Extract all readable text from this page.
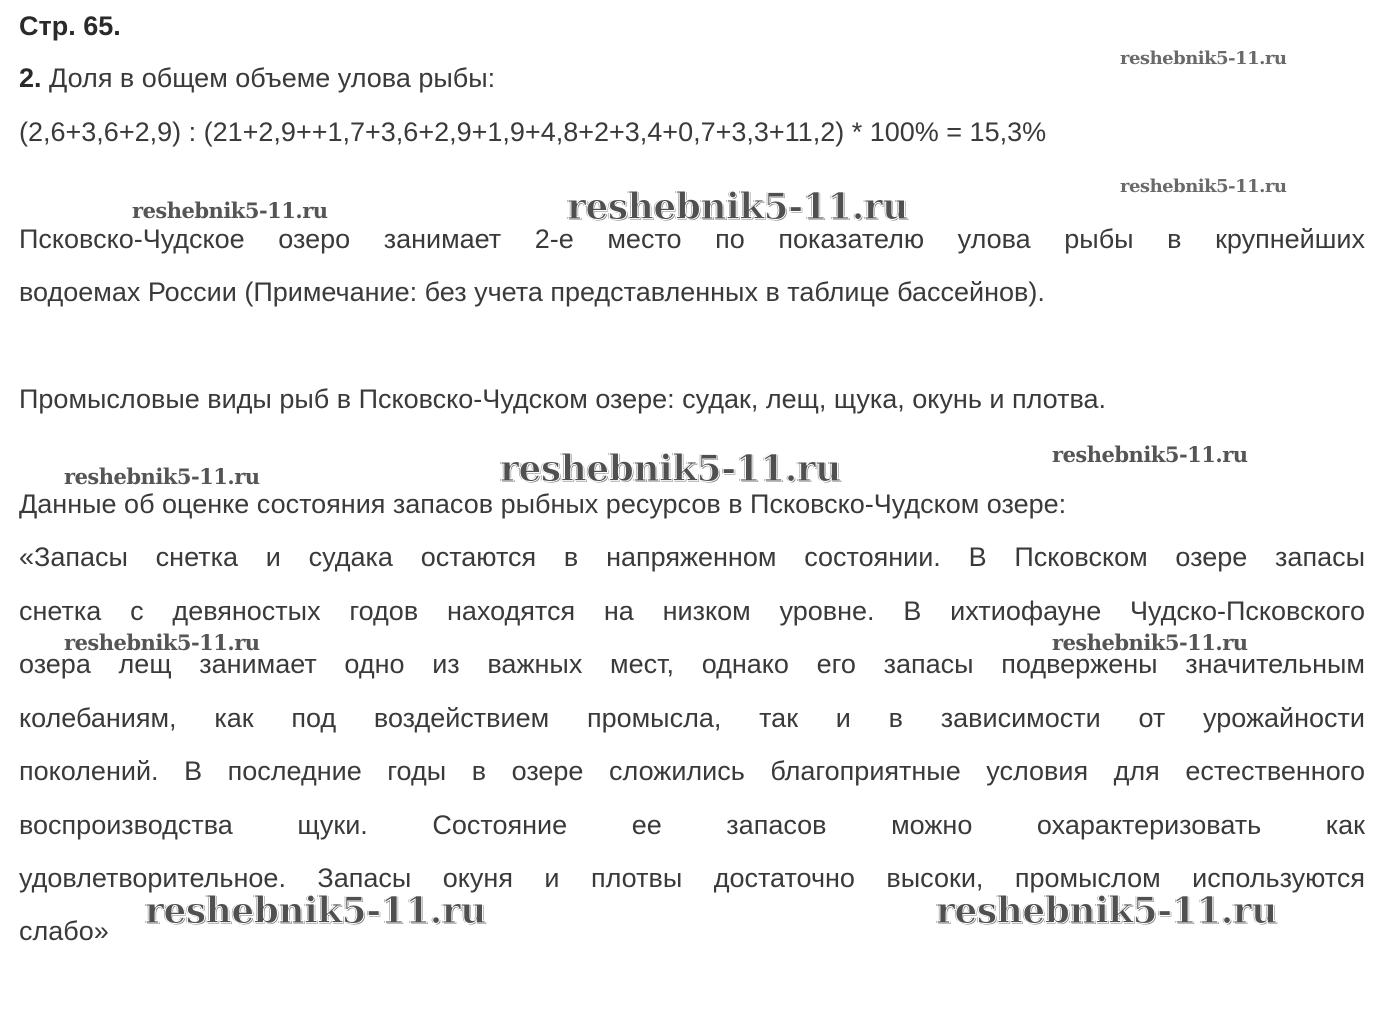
Стр. 65.
2. Доля в общем объеме улова рыбы:
(2,6+3,6+2,9) : (21+2,9++1,7+3,6+2,9+1,9+4,8+2+3,4+0,7+3,3+11,2) * 100% = 15,3%
Псковско-Чудское озеро занимает 2-е место по показателю улова рыбы в крупнейших
водоемах России (Примечание: без учета представленных в таблице бассейнов).
Промысловые виды рыб в Псковско-Чудском озере: судак, лещ, щука, окунь и плотва.
Данные об оценке состояния запасов рыбных ресурсов в Псковско-Чудском озере:
«Запасы снетка и судака остаются в напряженном состоянии. В Псковском озере запасы
снетка с девяностых годов находятся на низком уровне. В ихтиофауне Чудско-Псковского
озера лещ занимает одно из важных мест, однако его запасы подвержены значительным
колебаниям, как под воздействием промысла, так и в зависимости от урожайности
поколений. В последние годы в озере сложились благоприятные условия для естественного
воспроизводства щуки. Состояние ее запасов можно охарактеризовать как
удовлетворительное. Запасы окуня и плотвы достаточно высоки, промыслом используются
слабо»
reshebnik5-11.ru
reshebnik5-11.ru
reshebnik5-11.ru	reshebnik5-11.ru
reshebnik5-11.ru	reshebnik5-11.ru	reshebnik5-11.ru
reshebnik5-11.ru	reshebnik5-11.ru
reshebnik5-11.ru	reshebnik5-11.ru
